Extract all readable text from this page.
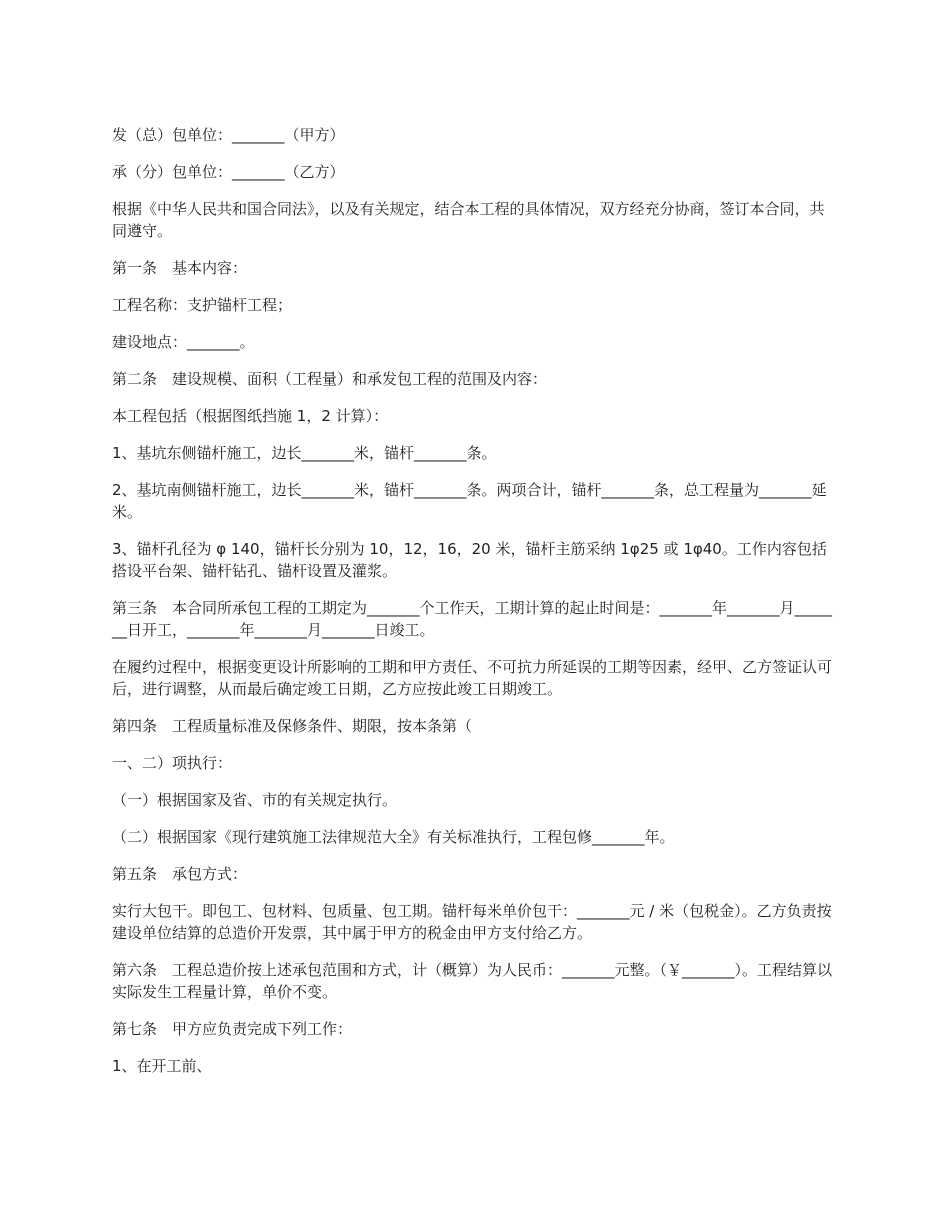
发（总）包单位：_______（甲方）

承（分）包单位：_______（乙方）

根据《中华人民共和国合同法》，以及有关规定，结合本工程的具体情况，双方经充分协商，签订本合同，共同遵守。

第一条　基本内容：

工程名称：支护锚杆工程；

建设地点：_______。

第二条　建设规模、面积（工程量）和承发包工程的范围及内容：

本工程包括（根据图纸挡施 1，2 计算）：

1、基坑东侧锚杆施工，边长_______米，锚杆_______条。

2、基坑南侧锚杆施工，边长_______米，锚杆_______条。两项合计，锚杆_______条，总工程量为_______延米。

3、锚杆孔径为 φ 140，锚杆长分别为 10，12，16，20 米，锚杆主筋采纳 1φ25 或 1φ40。工作内容包括搭设平台架、锚杆钻孔、锚杆设置及灌浆。

第三条　本合同所承包工程的工期定为_______个工作天，工期计算的起止时间是：_______年_______月_______日开工，_______年_______月_______日竣工。

在履约过程中，根据变更设计所影响的工期和甲方责任、不可抗力所延误的工期等因素，经甲、乙方签证认可后，进行调整，从而最后确定竣工日期，乙方应按此竣工日期竣工。

第四条　工程质量标准及保修条件、期限，按本条第（

一、二）项执行：

（一）根据国家及省、市的有关规定执行。

（二）根据国家《现行建筑施工法律规范大全》有关标准执行，工程包修_______年。

第五条　承包方式：

实行大包干。即包工、包材料、包质量、包工期。锚杆每米单价包干：_______元 / 米（包税金）。乙方负责按建设单位结算的总造价开发票，其中属于甲方的税金由甲方支付给乙方。

第六条　工程总造价按上述承包范围和方式，计（概算）为人民币：_______元整。（￥_______）。工程结算以实际发生工程量计算，单价不变。

第七条　甲方应负责完成下列工作：

1、在开工前、
